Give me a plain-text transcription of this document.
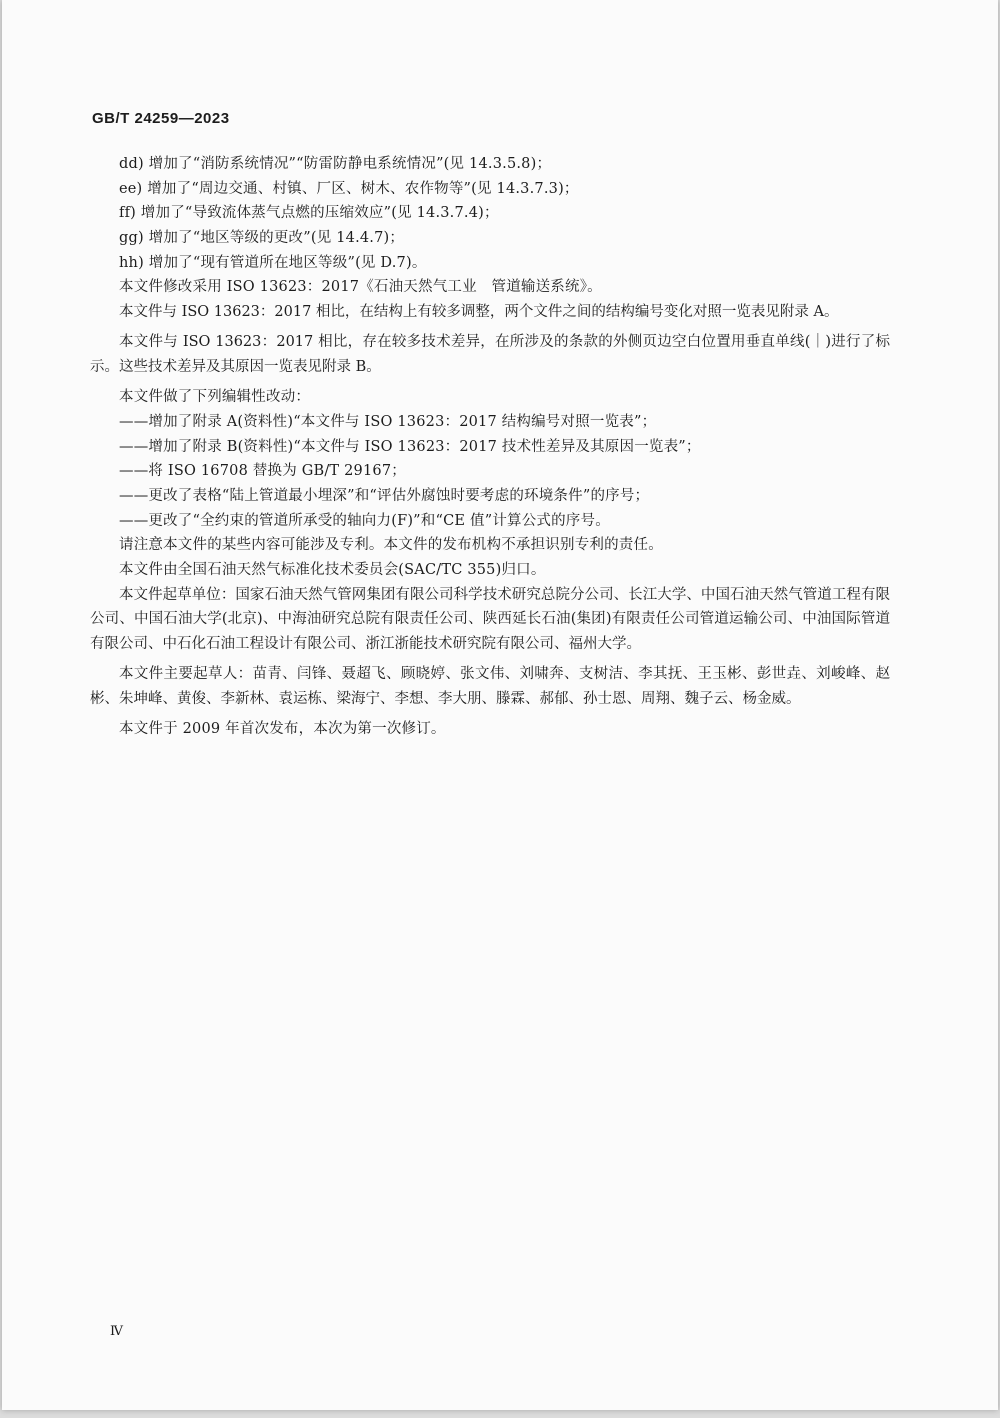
GB/T 24259—2023
dd) 增加了“消防系统情况”“防雷防静电系统情况”(见 14.3.5.8)；
ee) 增加了“周边交通、村镇、厂区、树木、农作物等”(见 14.3.7.3)；
ff) 增加了“导致流体蒸气点燃的压缩效应”(见 14.3.7.4)；
gg) 增加了“地区等级的更改”(见 14.4.7)；
hh) 增加了“现有管道所在地区等级”(见 D.7)。
本文件修改采用 ISO 13623：2017《石油天然气工业　管道输送系统》。
本文件与 ISO 13623：2017 相比，在结构上有较多调整，两个文件之间的结构编号变化对照一览表见附录 A。
本文件与 ISO 13623：2017 相比，存在较多技术差异，在所涉及的条款的外侧页边空白位置用垂直单线(｜)进行了标示。这些技术差异及其原因一览表见附录 B。
本文件做了下列编辑性改动：
——增加了附录 A(资料性)“本文件与 ISO 13623：2017 结构编号对照一览表”；
——增加了附录 B(资料性)“本文件与 ISO 13623：2017 技术性差异及其原因一览表”；
——将 ISO 16708 替换为 GB/T 29167；
——更改了表格“陆上管道最小埋深”和“评估外腐蚀时要考虑的环境条件”的序号；
——更改了“全约束的管道所承受的轴向力(F)”和“CE 值”计算公式的序号。
请注意本文件的某些内容可能涉及专利。本文件的发布机构不承担识别专利的责任。
本文件由全国石油天然气标准化技术委员会(SAC/TC 355)归口。
本文件起草单位：国家石油天然气管网集团有限公司科学技术研究总院分公司、长江大学、中国石油天然气管道工程有限公司、中国石油大学(北京)、中海油研究总院有限责任公司、陕西延长石油(集团)有限责任公司管道运输公司、中油国际管道有限公司、中石化石油工程设计有限公司、浙江浙能技术研究院有限公司、福州大学。
本文件主要起草人：苗青、闫锋、聂超飞、顾晓婷、张文伟、刘啸奔、支树洁、李其抚、王玉彬、彭世垚、刘峻峰、赵彬、朱坤峰、黄俊、李新林、袁运栋、梁海宁、李想、李大朋、滕霖、郝郁、孙士恩、周翔、魏子云、杨金威。
本文件于 2009 年首次发布，本次为第一次修订。
Ⅳ
